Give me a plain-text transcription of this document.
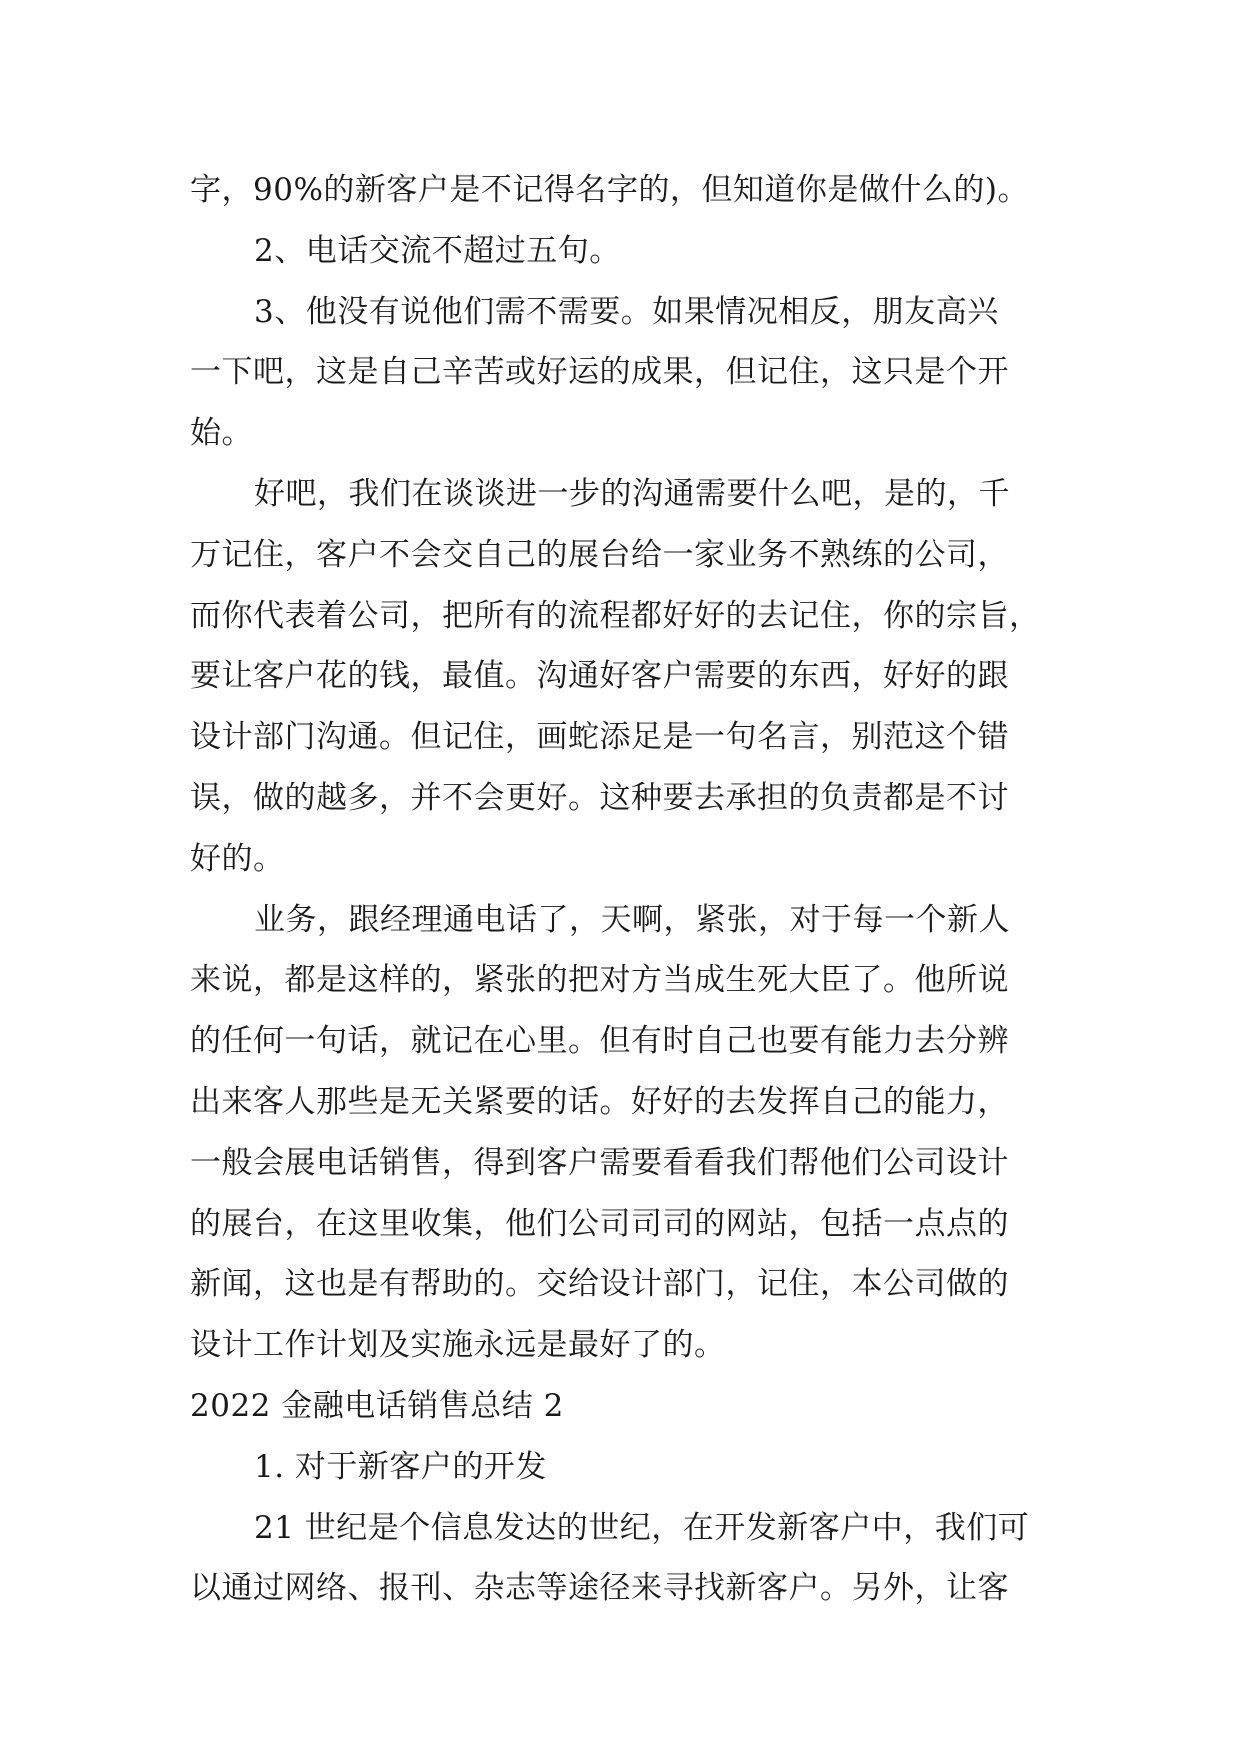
字，90%的新客户是不记得名字的，但知道你是做什么的)。
2、电话交流不超过五句。
3、他没有说他们需不需要。如果情况相反，朋友高兴
一下吧，这是自己辛苦或好运的成果，但记住，这只是个开
始。
好吧，我们在谈谈进一步的沟通需要什么吧，是的，千
万记住，客户不会交自己的展台给一家业务不熟练的公司，
而你代表着公司，把所有的流程都好好的去记住，你的宗旨，
要让客户花的钱，最值。沟通好客户需要的东西，好好的跟
设计部门沟通。但记住，画蛇添足是一句名言，别范这个错
误，做的越多，并不会更好。这种要去承担的负责都是不讨
好的。
业务，跟经理通电话了，天啊，紧张，对于每一个新人
来说，都是这样的，紧张的把对方当成生死大臣了。他所说
的任何一句话，就记在心里。但有时自己也要有能力去分辨
出来客人那些是无关紧要的话。好好的去发挥自己的能力，
一般会展电话销售，得到客户需要看看我们帮他们公司设计
的展台，在这里收集，他们公司司司的网站，包括一点点的
新闻，这也是有帮助的。交给设计部门，记住，本公司做的
设计工作计划及实施永远是最好了的。
2022 金融电话销售总结 2
1. 对于新客户的开发
21 世纪是个信息发达的世纪，在开发新客户中，我们可
以通过网络、报刊、杂志等途径来寻找新客户。另外，让客
